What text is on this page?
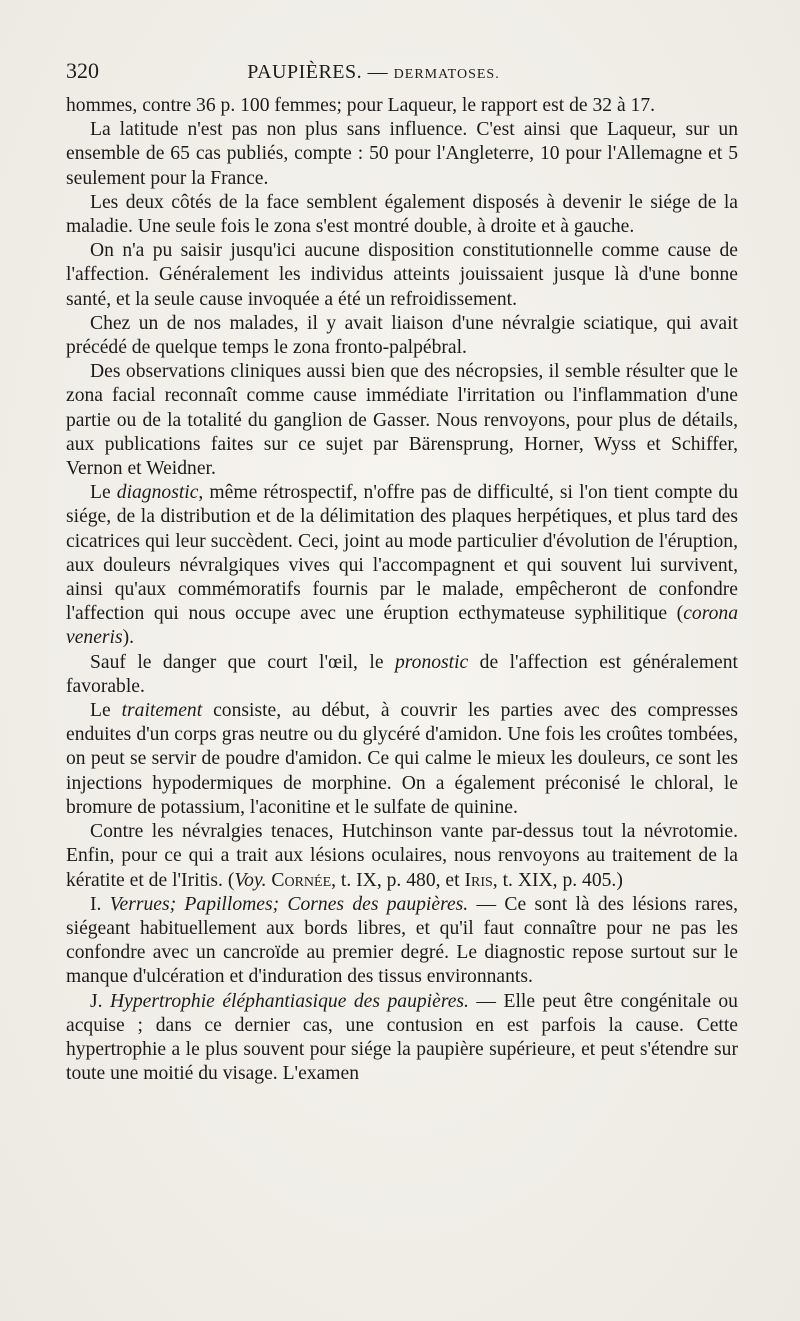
320	PAUPIÈRES. — DERMATOSES.

hommes, contre 36 p. 100 femmes; pour Laqueur, le rapport est de 32 à 17.

La latitude n'est pas non plus sans influence. C'est ainsi que Laqueur, sur un ensemble de 65 cas publiés, compte : 50 pour l'Angleterre, 10 pour l'Allemagne et 5 seulement pour la France.

Les deux côtés de la face semblent également disposés à devenir le siége de la maladie. Une seule fois le zona s'est montré double, à droite et à gauche.

On n'a pu saisir jusqu'ici aucune disposition constitutionnelle comme cause de l'affection. Généralement les individus atteints jouissaient jusque là d'une bonne santé, et la seule cause invoquée a été un refroidissement.

Chez un de nos malades, il y avait liaison d'une névralgie sciatique, qui avait précédé de quelque temps le zona fronto-palpébral.

Des observations cliniques aussi bien que des nécropsies, il semble résulter que le zona facial reconnaît comme cause immédiate l'irritation ou l'inflammation d'une partie ou de la totalité du ganglion de Gasser. Nous renvoyons, pour plus de détails, aux publications faites sur ce sujet par Bärensprung, Horner, Wyss et Schiffer, Vernon et Weidner.

Le diagnostic, même rétrospectif, n'offre pas de difficulté, si l'on tient compte du siége, de la distribution et de la délimitation des plaques herpétiques, et plus tard des cicatrices qui leur succèdent. Ceci, joint au mode particulier d'évolution de l'éruption, aux douleurs névralgiques vives qui l'accompagnent et qui souvent lui survivent, ainsi qu'aux commémoratifs fournis par le malade, empêcheront de confondre l'affection qui nous occupe avec une éruption ecthymateuse syphilitique (corona veneris).

Sauf le danger que court l'œil, le pronostic de l'affection est généralement favorable.

Le traitement consiste, au début, à couvrir les parties avec des compresses enduites d'un corps gras neutre ou du glycéré d'amidon. Une fois les croûtes tombées, on peut se servir de poudre d'amidon. Ce qui calme le mieux les douleurs, ce sont les injections hypodermiques de morphine. On a également préconisé le chloral, le bromure de potassium, l'aconitine et le sulfate de quinine.

Contre les névralgies tenaces, Hutchinson vante par-dessus tout la névrotomie. Enfin, pour ce qui a trait aux lésions oculaires, nous renvoyons au traitement de la kératite et de l'Iritis. (Voy. Cornée, t. IX, p. 480, et Iris, t. XIX, p. 405.)

I. Verrues; Papillomes; Cornes des paupières. — Ce sont là des lésions rares, siégeant habituellement aux bords libres, et qu'il faut connaître pour ne pas les confondre avec un cancroïde au premier degré. Le diagnostic repose surtout sur le manque d'ulcération et d'induration des tissus environnants.

J. Hypertrophie éléphantiasique des paupières. — Elle peut être congénitale ou acquise ; dans ce dernier cas, une contusion en est parfois la cause. Cette hypertrophie a le plus souvent pour siége la paupière supérieure, et peut s'étendre sur toute une moitié du visage. L'examen
